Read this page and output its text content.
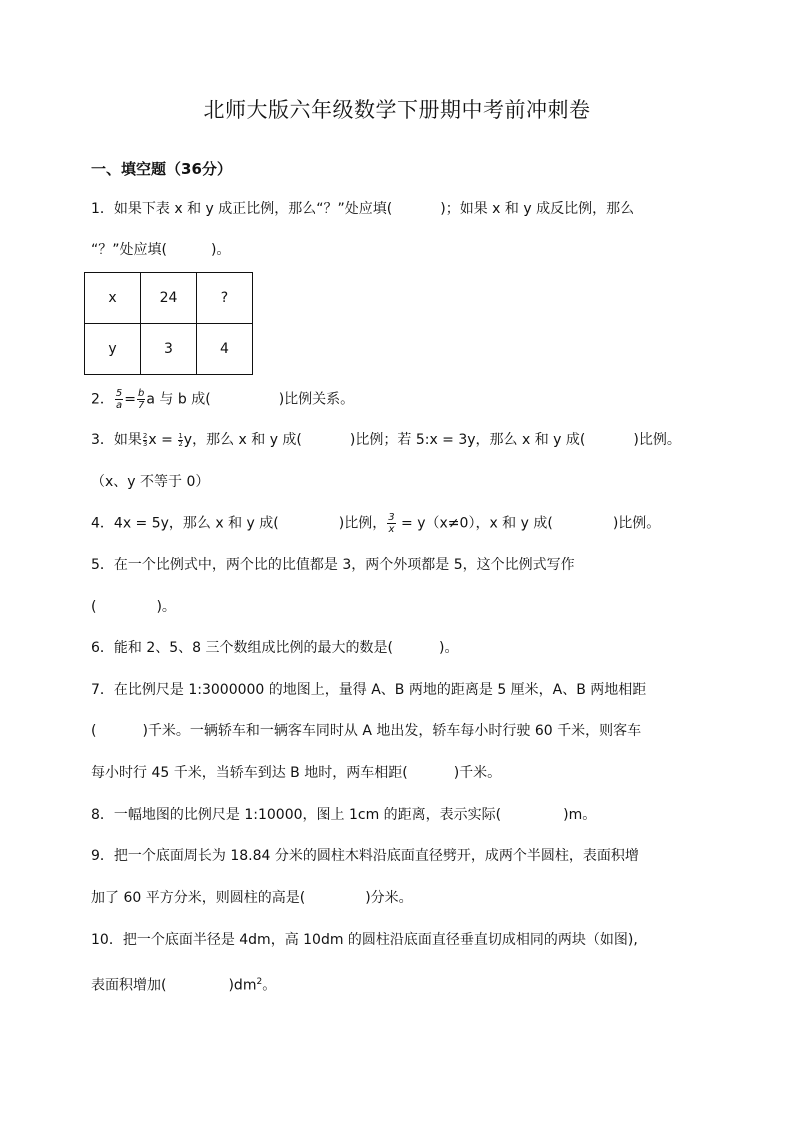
北师大版六年级数学下册期中考前冲刺卷
一、填空题（36分）
1．如果下表 x 和 y 成正比例，那么“？”处应填(	)；如果 x 和 y 成反比例，那么
“？”处应填(	)。
x	24	?
y	3	4
2． $\frac{5}{a} = \frac{b}{7}$ a 与 b 成(	)比例关系。
3．如果 $\frac{2}{3}$ $x = \frac{1}{2}$ y，那么 x 和 y 成(	)比例；若 5:x = 3y，那么 x 和 y 成(	)比例。
（x、y 不等于 0）
4．4x = 5y，那么 x 和 y 成(	)比例， $\frac{3}{x} = y(x\ne 0)$，x 和 y 成(	)比例。
5．在一个比例式中，两个比的比值都是 3，两个外项都是 5，这个比例式写作
(	)。
6．能和 2、5、8 三个数组成比例的最大的数是(	)。
7．在比例尺是 1:3000000 的地图上，量得 A、B 两地的距离是 5 厘米，A、B 两地相距
(	)千米。一辆轿车和一辆客车同时从 A 地出发，轿车每小时行驶 60 千米，则客车
每小时行 45 千米，当轿车到达 B 地时，两车相距(	)千米。
8．一幅地图的比例尺是 1:10000，图上 1cm 的距离，表示实际(	)m。
9．把一个底面周长为 18.84 分米的圆柱木料沿底面直径劈开，成两个半圆柱，表面积增
加了 60 平方分米，则圆柱的高是(	)分米。
10．把一个底面半径是 4dm，高 10dm 的圆柱沿底面直径垂直切成相同的两块（如图),
表面积增加(	)$dm^2$。
